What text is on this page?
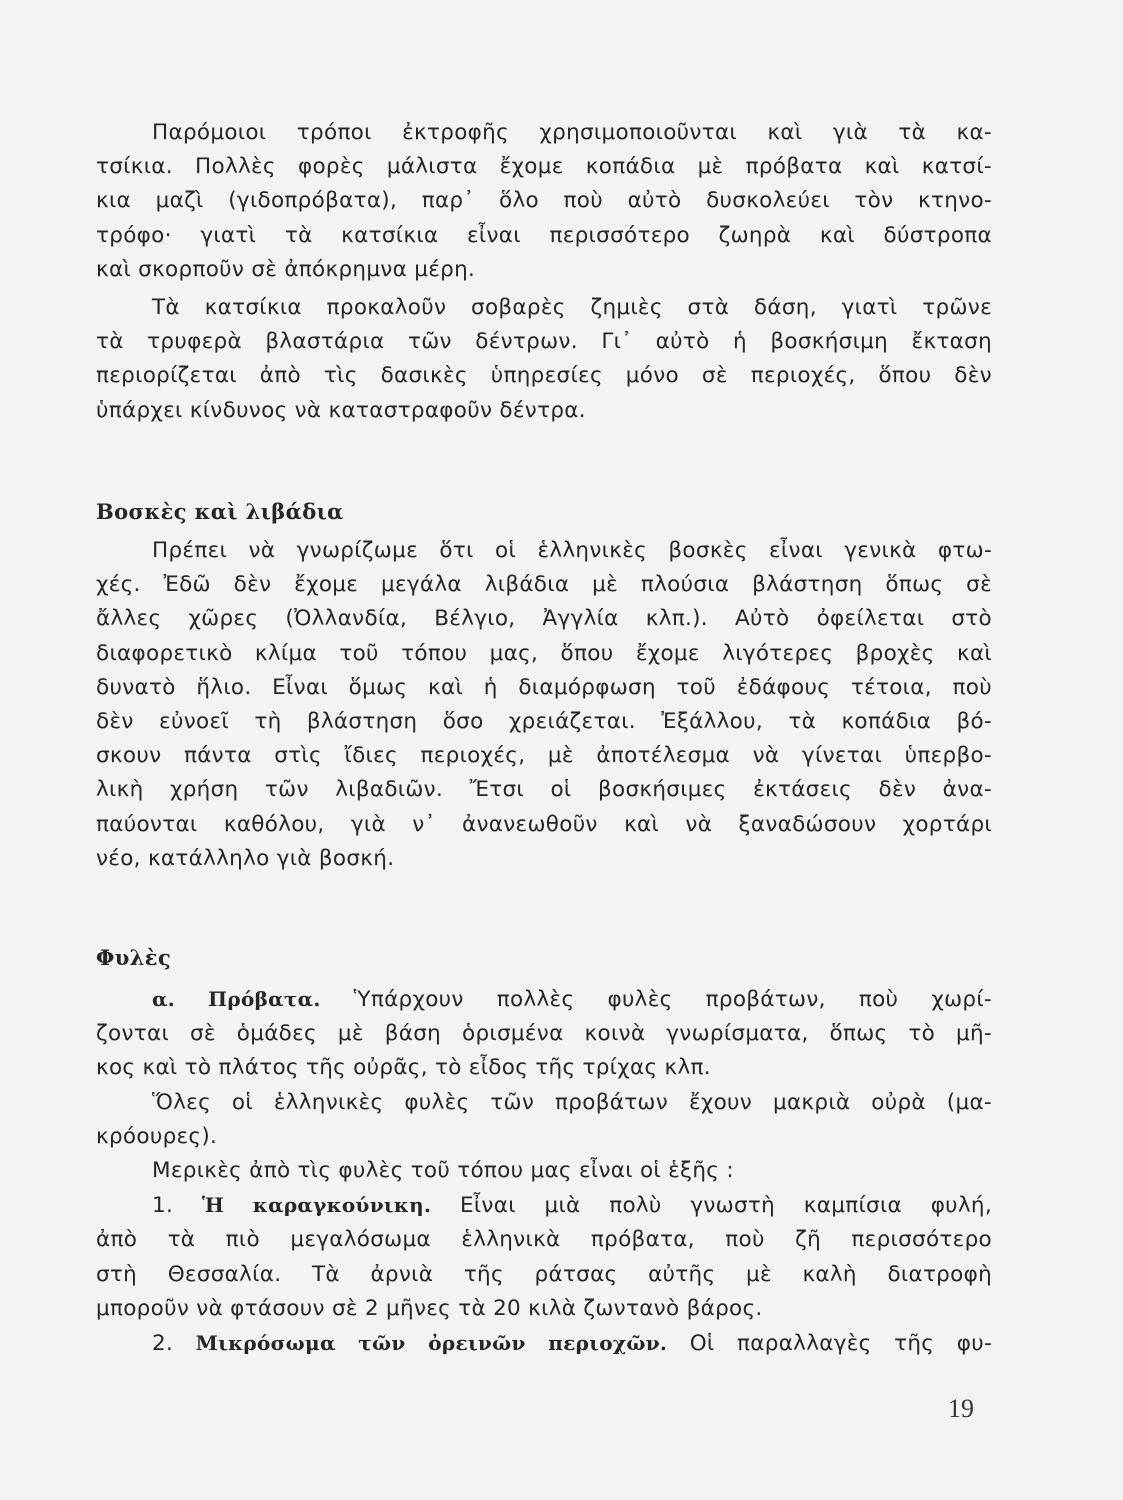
Παρόμοιοι τρόποι ἐκτροφῆς χρησιμοποιοῦνται καὶ γιὰ τὰ κα-
τσίκια. Πολλὲς φορὲς μάλιστα ἔχομε κοπάδια μὲ πρόβατα καὶ κατσί-
κια μαζὶ (γιδοπρόβατα), παρ᾽ ὅλο ποὺ αὐτὸ δυσκολεύει τὸν κτηνο-
τρόφο· γιατὶ τὰ κατσίκια εἶναι περισσότερο ζωηρὰ καὶ δύστροπα
καὶ σκορποῦν σὲ ἀπόκρημνα μέρη.

Τὰ κατσίκια προκαλοῦν σοβαρὲς ζημιὲς στὰ δάση, γιατὶ τρῶνε
τὰ τρυφερὰ βλαστάρια τῶν δέντρων. Γι᾽ αὐτὸ ἡ βοσκήσιμη ἔκταση
περιορίζεται ἀπὸ τὶς δασικὲς ὑπηρεσίες μόνο σὲ περιοχές, ὅπου δὲν
ὑπάρχει κίνδυνος νὰ καταστραφοῦν δέντρα.

Βοσκὲς καὶ λιβάδια

Πρέπει νὰ γνωρίζωμε ὅτι οἱ ἑλληνικὲς βοσκὲς εἶναι γενικὰ φτω-
χές. Ἐδῶ δὲν ἔχομε μεγάλα λιβάδια μὲ πλούσια βλάστηση ὅπως σὲ
ἄλλες χῶρες (Ὀλλανδία, Βέλγιο, Ἀγγλία κλπ.). Αὐτὸ ὀφείλεται στὸ
διαφορετικὸ κλίμα τοῦ τόπου μας, ὅπου ἔχομε λιγότερες βροχὲς καὶ
δυνατὸ ἥλιο. Εἶναι ὅμως καὶ ἡ διαμόρφωση τοῦ ἐδάφους τέτοια, ποὺ
δὲν εὐνοεῖ τὴ βλάστηση ὅσο χρειάζεται. Ἐξάλλου, τὰ κοπάδια βό-
σκουν πάντα στὶς ἴδιες περιοχές, μὲ ἀποτέλεσμα νὰ γίνεται ὑπερβο-
λικὴ χρήση τῶν λιβαδιῶν. Ἔτσι οἱ βοσκήσιμες ἐκτάσεις δὲν ἀνα-
παύονται καθόλου, γιὰ ν᾽ ἀνανεωθοῦν καὶ νὰ ξαναδώσουν χορτάρι
νέο, κατάλληλο γιὰ βοσκή.

Φυλὲς

α. Πρόβατα. Ὑπάρχουν πολλὲς φυλὲς προβάτων, ποὺ χωρί-
ζονται σὲ ὁμάδες μὲ βάση ὁρισμένα κοινὰ γνωρίσματα, ὅπως τὸ μῆ-
κος καὶ τὸ πλάτος τῆς οὐρᾶς, τὸ εἶδος τῆς τρίχας κλπ.

Ὅλες οἱ ἑλληνικὲς φυλὲς τῶν προβάτων ἔχουν μακριὰ οὐρὰ (μα-
κρόουρες).

Μερικὲς ἀπὸ τὶς φυλὲς τοῦ τόπου μας εἶναι οἱ ἑξῆς :

1. Ἡ καραγκούνικη. Εἶναι μιὰ πολὺ γνωστὴ καμπίσια φυλή,
ἀπὸ τὰ πιὸ μεγαλόσωμα ἑλληνικὰ πρόβατα, ποὺ ζῆ περισσότερο
στὴ Θεσσαλία. Τὰ ἀρνιὰ τῆς ράτσας αὐτῆς μὲ καλὴ διατροφὴ
μποροῦν νὰ φτάσουν σὲ 2 μῆνες τὰ 20 κιλὰ ζωντανὸ βάρος.

2. Μικρόσωμα τῶν ὀρεινῶν περιοχῶν. Οἱ παραλλαγὲς τῆς φυ-

19
